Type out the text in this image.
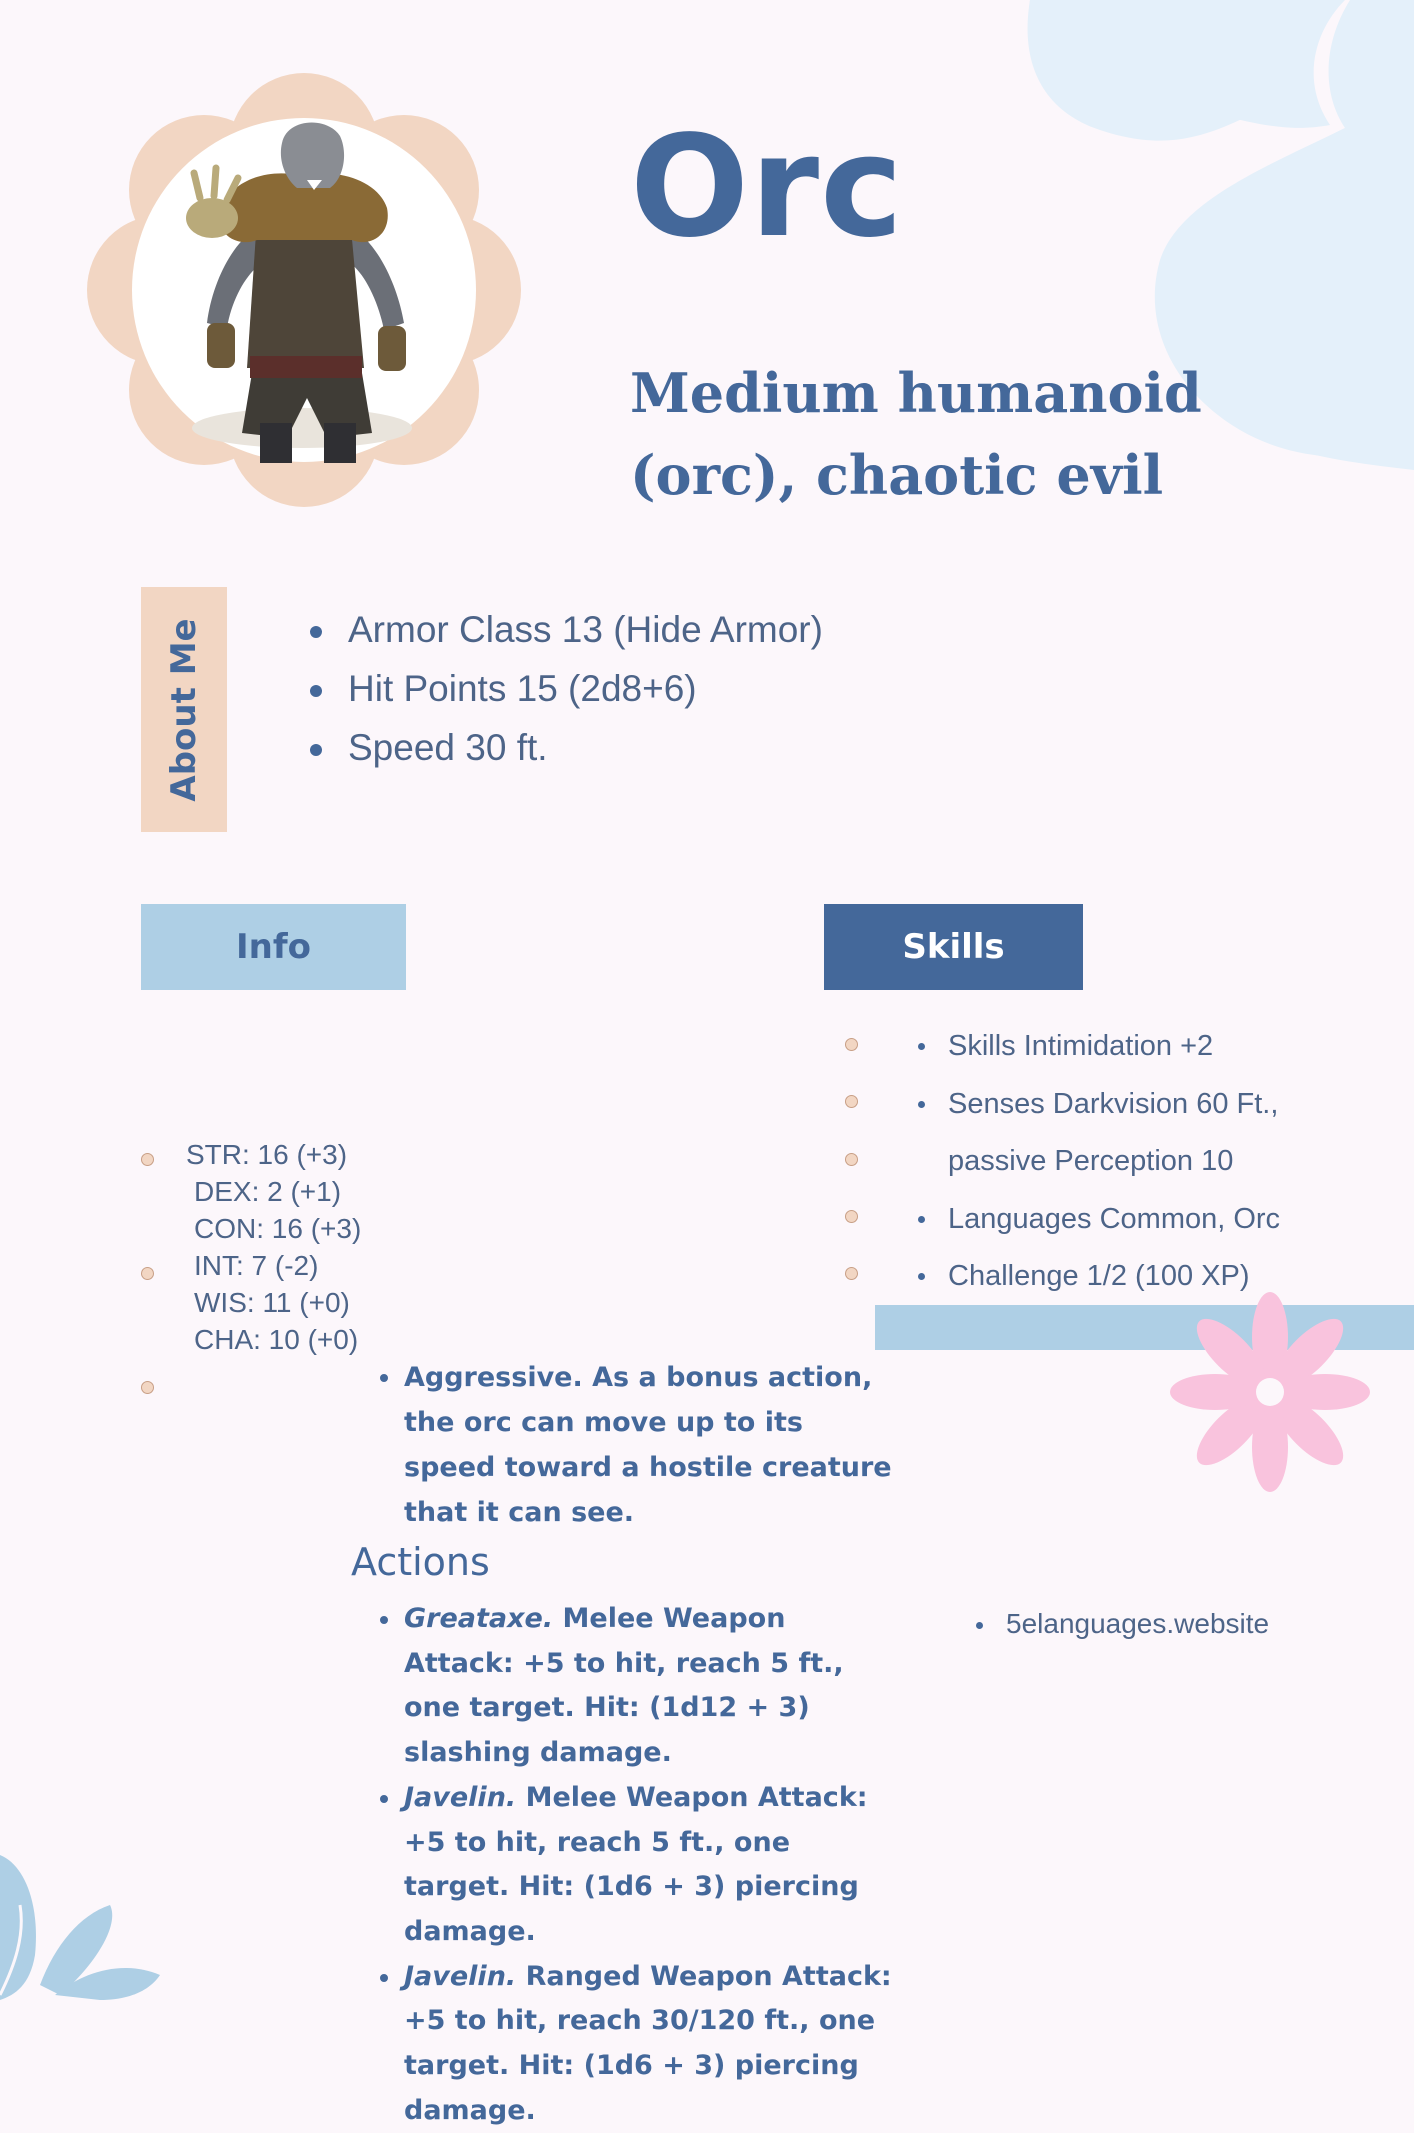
Orc
Medium humanoid (orc), chaotic evil
About Me	Armor Class 13 (Hide Armor)
Hit Points 15 (2d8+6)
Speed 30 ft.
Info	Skills
STR: 16 (+3)
DEX: 2 (+1)
CON: 16 (+3)
INT: 7 (-2)
WIS: 11 (+0)
CHA: 10 (+0)
Skills Intimidation +2
Senses Darkvision 60 Ft.,
passive Perception 10
Languages Common, Orc
Challenge 1/2 (100 XP)
Aggressive. As a bonus action, the orc can move up to its speed toward a hostile creature that it can see.
Actions
Greataxe. Melee Weapon Attack: +5 to hit, reach 5 ft., one target. Hit: (1d12 + 3) slashing damage.
Javelin. Melee Weapon Attack: +5 to hit, reach 5 ft., one target. Hit: (1d6 + 3) piercing damage.
Javelin. Ranged Weapon Attack: +5 to hit, reach 30/120 ft., one target. Hit: (1d6 + 3) piercing damage.
5elanguages.website
